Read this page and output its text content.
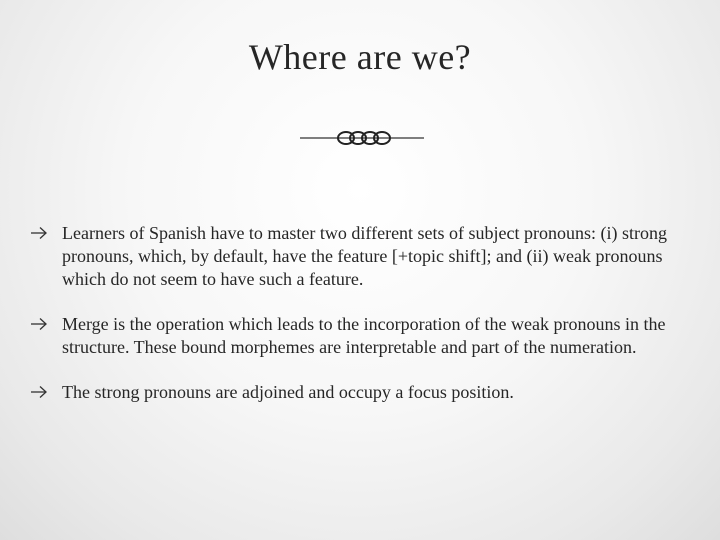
Where are we?
Learners of Spanish have to master two different sets of subject pronouns: (i) strong pronouns, which, by default, have the feature [+topic shift]; and (ii) weak pronouns which do not seem to have such a feature.
Merge is the operation which leads to the incorporation of the weak pronouns in the structure. These bound morphemes are interpretable and part of the numeration.
The strong pronouns are adjoined and occupy a focus position.
